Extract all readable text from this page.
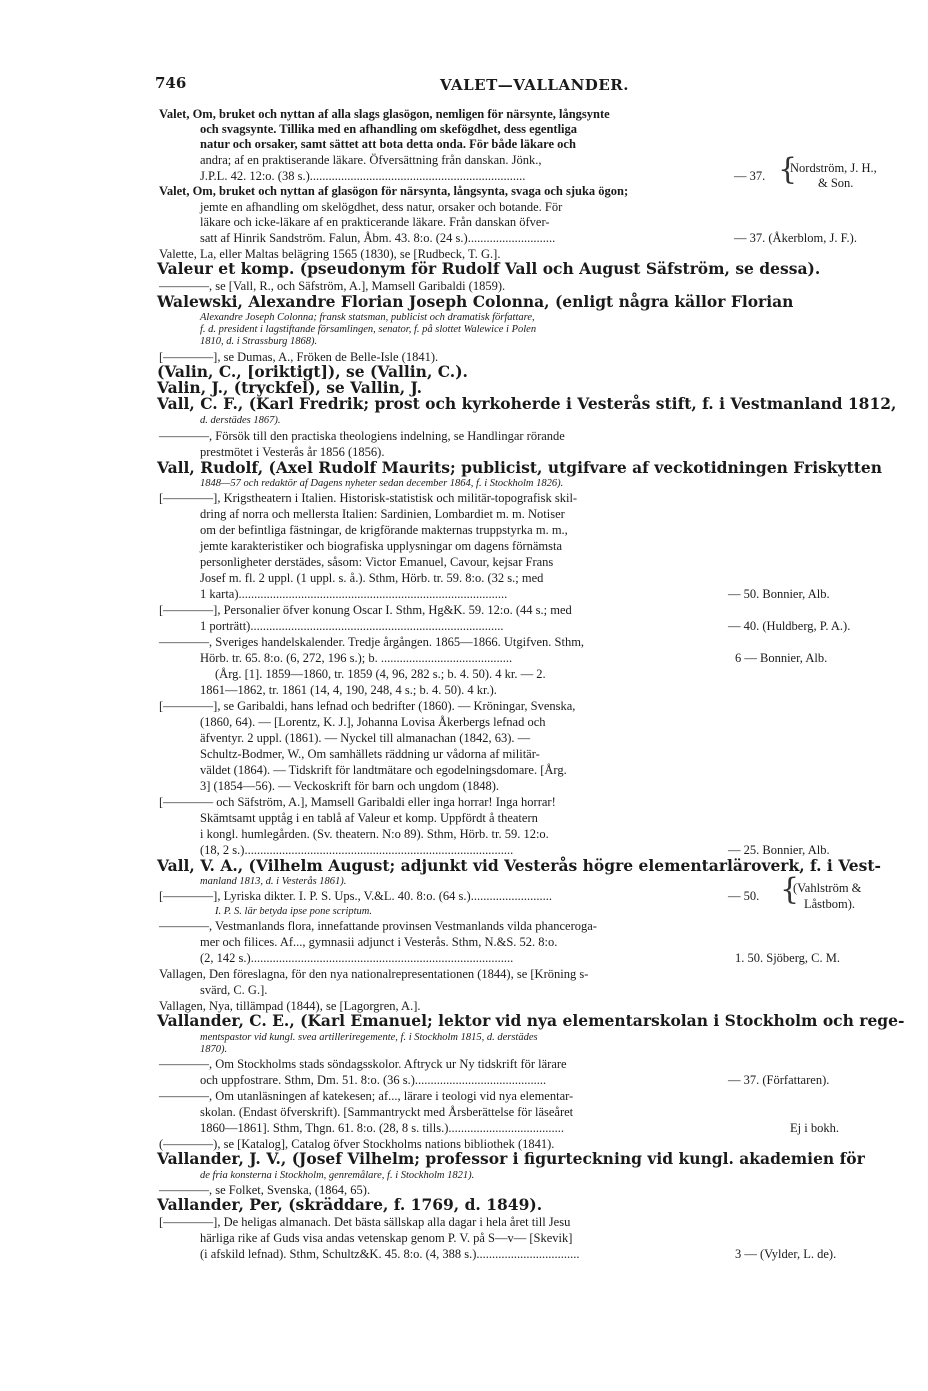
746	VALET—VALLANDER.
Valet, Om, bruket och nyttan af alla slags glasögon, nemligen för närsynte, långsynte
och svagsynte. Tillika med en afhandling om skefögdhet, dess egentliga
natur och orsaker, samt sättet att bota detta onda. För både läkare och
andra; af en praktiserande läkare. Öfversättning från danskan. Jönk.,
J.P.L. 42. 12:o. (38 s.).....................................................................
Valet, Om, bruket och nyttan af glasögon för närsynta, långsynta, svaga och sjuka ögon;
jemte en afhandling om skelögdhet, dess natur, orsaker och botande. För
läkare och icke-läkare af en prakticerande läkare. Från danskan öfver-
satt af Hinrik Sandström. Falun, Åbm. 43. 8:o. (24 s.)............................
Valette, La, eller Maltas belägring 1565 (1830), se [Rudbeck, T. G.].
Valeur et komp. (pseudonym för Rudolf Vall och August Säfström, se dessa).
————, se [Vall, R., och Säfström, A.], Mamsell Garibaldi (1859).
Walewski, Alexandre Florian Joseph Colonna, (enligt några källor Florian
Alexandre Joseph Colonna; fransk statsman, publicist och dramatisk författare,
f. d. president i lagstiftande församlingen, senator, f. på slottet Walewice i Polen
1810, d. i Strassburg 1868).
[————], se Dumas, A., Fröken de Belle-Isle (1841).
(Valin, C., [oriktigt]), se (Vallin, C.).
Valin, J., (tryckfel), se Vallin, J.
Vall, C. F., (Karl Fredrik; prost och kyrkoherde i Vesterås stift, f. i Vestmanland 1812,
d. derstädes 1867).
————, Försök till den practiska theologiens indelning, se Handlingar rörande
prestmötet i Vesterås år 1856 (1856).
Vall, Rudolf, (Axel Rudolf Maurits; publicist, utgifvare af veckotidningen Friskytten
1848—57 och redaktör af Dagens nyheter sedan december 1864, f. i Stockholm 1826).
[————], Krigstheatern i Italien. Historisk-statistisk och militär-topografisk skil-
dring af norra och mellersta Italien: Sardinien, Lombardiet m. m. Notiser
om der befintliga fästningar, de krigförande makternas truppstyrka m. m.,
jemte karakteristiker och biografiska upplysningar om dagens förnämsta
personligheter derstädes, såsom: Victor Emanuel, Cavour, kejsar Frans
Josef m. fl. 2 uppl. (1 uppl. s. å.). Sthm, Hörb. tr. 59. 8:o. (32 s.; med
1 karta)......................................................................................
[————], Personalier öfver konung Oscar I. Sthm, Hg&K. 59. 12:o. (44 s.; med
1 porträtt).................................................................................
————, Sveriges handelskalender. Tredje årgången. 1865—1866. Utgifven. Sthm,
Hörb. tr. 65. 8:o. (6, 272, 196 s.); b. ..........................................
(Årg. [1]. 1859—1860, tr. 1859 (4, 96, 282 s.; b. 4. 50). 4 kr. — 2.
1861—1862, tr. 1861 (14, 4, 190, 248, 4 s.; b. 4. 50). 4 kr.).
[————], se Garibaldi, hans lefnad och bedrifter (1860). — Kröningar, Svenska,
(1860, 64). — [Lorentz, K. J.], Johanna Lovisa Åkerbergs lefnad och
äfventyr. 2 uppl. (1861). — Nyckel till almanachan (1842, 63). —
Schultz-Bodmer, W., Om samhällets räddning ur vådorna af militär-
väldet (1864). — Tidskrift för landtmätare och egodelningsdomare. [Årg.
3] (1854—56). — Veckoskrift för barn och ungdom (1848).
[———— och Säfström, A.], Mamsell Garibaldi eller inga horrar! Inga horrar!
Skämtsamt upptåg i en tablå af Valeur et komp. Uppfördt å theatern
i kongl. humlegården. (Sv. theatern. N:o 89). Sthm, Hörb. tr. 59. 12:o.
(18, 2 s.)......................................................................................
Vall, V. A., (Vilhelm August; adjunkt vid Vesterås högre elementarläroverk, f. i Vest-
manland 1813, d. i Vesterås 1861).
[————], Lyriska dikter. I. P. S. Ups., V.&L. 40. 8:o. (64 s.)..........................
I. P. S. lär betyda ipse pone scriptum.
————, Vestmanlands flora, innefattande provinsen Vestmanlands vilda phanceroga-
mer och filices. Af..., gymnasii adjunct i Vesterås. Sthm, N.&S. 52. 8:o.
(2, 142 s.)....................................................................................
Vallagen, Den föreslagna, för den nya nationalrepresentationen (1844), se [Kröning s-
svärd, C. G.].
Vallagen, Nya, tillämpad (1844), se [Lagorgren, A.].
Vallander, C. E., (Karl Emanuel; lektor vid nya elementarskolan i Stockholm och rege-
mentspastor vid kungl. svea artilleriregemente, f. i Stockholm 1815, d. derstädes
1870).
————, Om Stockholms stads söndagsskolor. Aftryck ur Ny tidskrift för lärare
och uppfostrare. Sthm, Dm. 51. 8:o. (36 s.)..........................................
————, Om utanläsningen af katekesen; af..., lärare i teologi vid nya elementar-
skolan. (Endast öfverskrift). [Sammantryckt med Årsberättelse för läseåret
1860—1861]. Sthm, Thgn. 61. 8:o. (28, 8 s. tills.).....................................
(————), se [Katalog], Catalog öfver Stockholms nations bibliothek (1841).
Vallander, J. V., (Josef Vilhelm; professor i figurteckning vid kungl. akademien för
de fria konsterna i Stockholm, genremålare, f. i Stockholm 1821).
————, se Folket, Svenska, (1864, 65).
Vallander, Per, (skräddare, f. 1769, d. 1849).
[————], De heligas almanach. Det bästa sällskap alla dagar i hela året till Jesu
härliga rike af Guds visa andas vetenskap genom P. V. på S—v— [Skevik]
(i afskild lefnad). Sthm, Schultz&K. 45. 8:o. (4, 388 s.).................................
— 37.
Nordström, J. H.,
& Son.
— 37. (Åkerblom, J. F.).
— 50. Bonnier, Alb.
— 40. (Huldberg, P. A.).
6 — Bonnier, Alb.
— 25. Bonnier, Alb.
— 50.
(Vahlström &
Låstbom).
1. 50. Sjöberg, C. M.
— 37. (Författaren).
Ej i bokh.
3 — (Vylder, L. de).
{
{
